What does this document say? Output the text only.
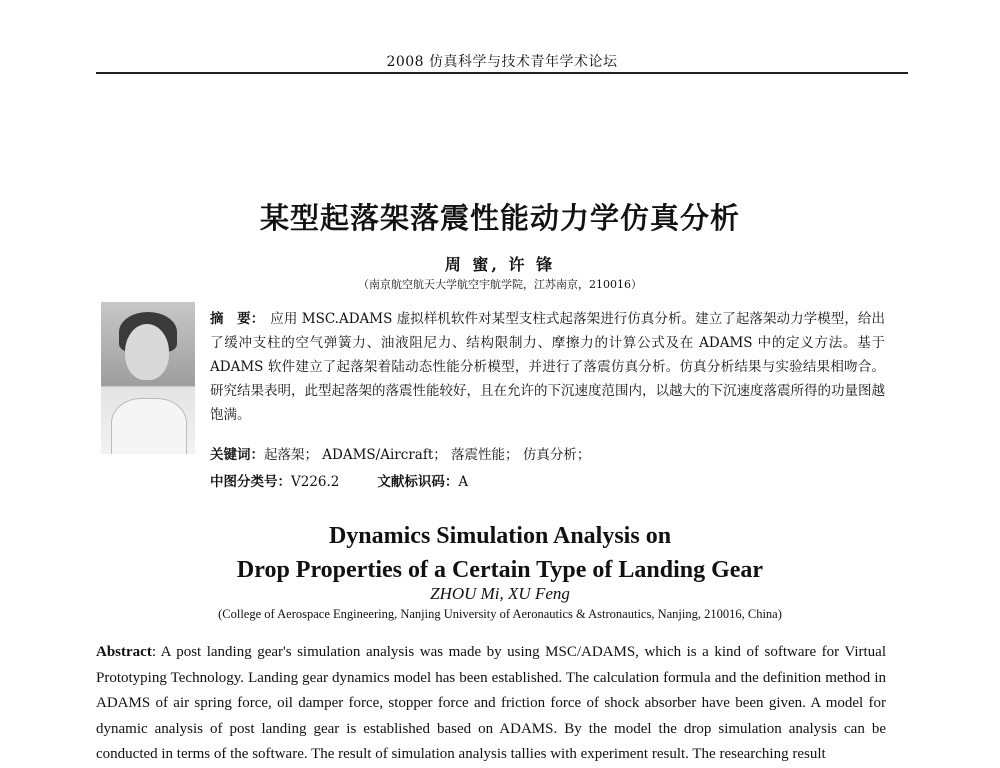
2008 仿真科学与技术青年学术论坛
某型起落架落震性能动力学仿真分析
周 蜜, 许 锋
（南京航空航天大学航空宇航学院，江苏南京，210016）
摘　要： 应用 MSC.ADAMS 虚拟样机软件对某型支柱式起落架进行仿真分析。建立了起落架动力学模型，给出了缓冲支柱的空气弹簧力、油液阻尼力、结构限制力、摩擦力的计算公式及在 ADAMS 中的定义方法。基于 ADAMS 软件建立了起落架着陆动态性能分析模型，并进行了落震仿真分析。仿真分析结果与实验结果相吻合。研究结果表明，此型起落架的落震性能较好，且在允许的下沉速度范围内，以越大的下沉速度落震所得的功量图越饱满。
关键词：起落架； ADAMS/Aircraft； 落震性能； 仿真分析；
中图分类号：V226.2	文献标识码：A
Dynamics Simulation Analysis on
Drop Properties of a Certain Type of Landing Gear
ZHOU Mi, XU Feng
(College of Aerospace Engineering, Nanjing University of Aeronautics & Astronautics, Nanjing, 210016, China)
Abstract: A post landing gear's simulation analysis was made by using MSC/ADAMS, which is a kind of software for Virtual Prototyping Technology. Landing gear dynamics model has been established. The calculation formula and the definition method in ADAMS of air spring force, oil damper force, stopper force and friction force of shock absorber have been given. A model for dynamic analysis of post landing gear is established based on ADAMS. By the model the drop simulation analysis can be conducted in terms of the software. The result of simulation analysis tallies with experiment result. The researching result
